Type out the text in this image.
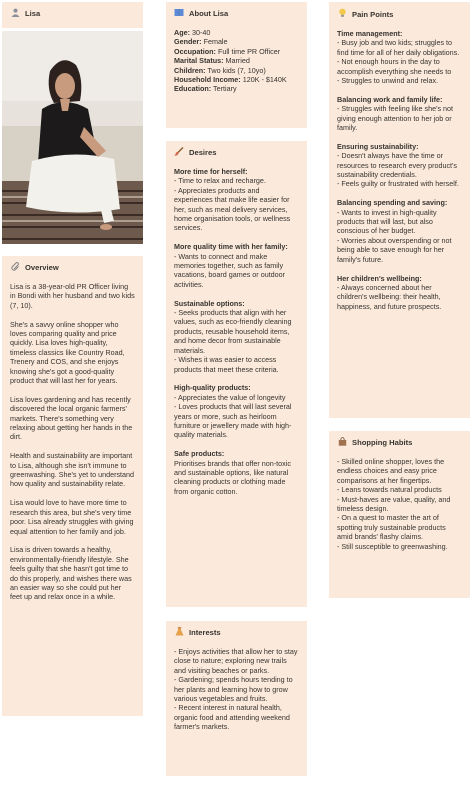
Lisa
Overview

Lisa is a 38-year-old PR Officer living in Bondi with her husband and two kids (7, 10).

She's a savvy online shopper who loves comparing quality and price quickly. Lisa loves high-quality, timeless classics like Country Road, Trenery and COS, and she enjoys knowing she's got a good-quality product that will last her for years.

Lisa loves gardening and has recently discovered the local organic farmers' markets. There's something very relaxing about getting her hands in the dirt.

Health and sustainability are important to Lisa, although she isn't immune to greenwashing. She's yet to understand how quality and sustainability relate.

Lisa would love to have more time to research this area, but she's very time poor. Lisa already struggles with giving equal attention to her family and job.

Lisa is driven towards a healthy, environmentally-friendly lifestyle. She feels guilty that she hasn't got time to do this properly, and wishes there was an easier way so she could put her feet up and relax once in a while.

About Lisa
Age: 30-40
Gender: Female
Occupation: Full time PR Officer
Marital Status: Married
Children: Two kids (7, 10yo)
Household Income: 120K - $140K
Education: Tertiary
Desires
More time for herself:
- Time to relax and recharge.
- Appreciates products and experiences that make life easier for her, such as meal delivery services, home organisation tools, or wellness services.
More quality time with her family:
- Wants to connect and make memories together, such as family vacations, board games or outdoor activities.
Sustainable options:
- Seeks products that align with her values, such as eco-friendly cleaning products, reusable household items, and home decor from sustainable materials.
- Wishes it was easier to access products that meet these criteria.
High-quality products:
- Appreciates the value of longevity
- Loves products that will last several years or more, such as heirloom furniture or jewellery made with high-quality materials.
Safe products:
Prioritises brands that offer non-toxic and sustainable options, like natural cleaning products or clothing made from organic cotton.
Interests
- Enjoys activities that allow her to stay close to nature; exploring new trails and visiting beaches or parks.
- Gardening; spends hours tending to her plants and learning how to grow various vegetables and fruits.
- Recent interest in natural health, organic food and attending weekend farmer's markets.
Pain Points
Time management:
- Busy job and two kids; struggles to find time for all of her daily obligations.
- Not enough hours in the day to accomplish everything she needs to
- Struggles to unwind and relax.
Balancing work and family life:
- Struggles with feeling like she's not giving enough attention to her job or family.
Ensuring sustainability:
- Doesn't always have the time or resources to research every product's sustainability credentials.
- Feels guilty or frustrated with herself.
Balancing spending and saving:
- Wants to invest in high-quality products that will last, but also conscious of her budget.
- Worries about overspending or not being able to save enough for her family's future.
Her children's wellbeing:
- Always concerned about her children's wellbeing: their health, happiness, and future prospects.
Shopping Habits
- Skilled online shopper, loves the endless choices and easy price comparisons at her fingertips.
- Leans towards natural products
- Must-haves are value, quality, and timeless design.
- On a quest to master the art of spotting truly sustainable products amid brands' flashy claims.
- Still susceptible to greenwashing.
